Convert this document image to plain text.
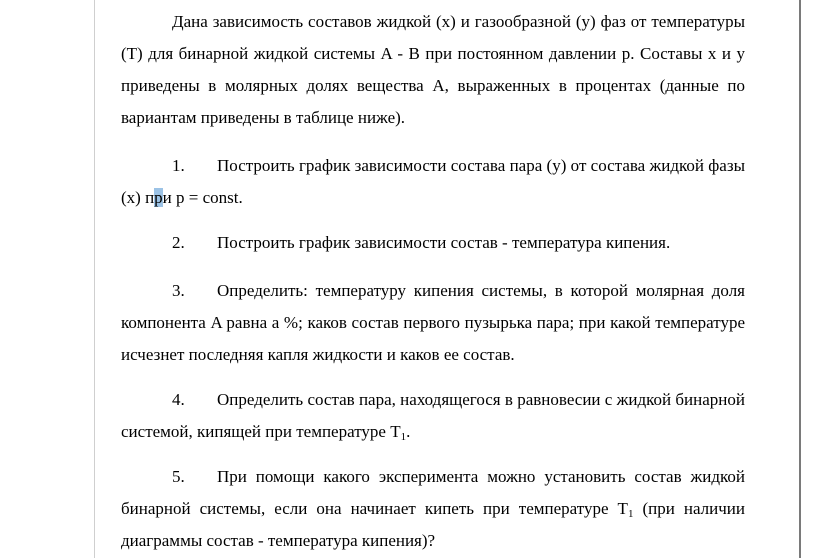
Дана зависимость составов жидкой (x) и газообразной (y) фаз от температуры (T) для бинарной жидкой системы A - B при постоянном давлении p. Составы x и y приведены в молярных долях вещества A, выраженных в процентах (данные по вариантам приведены в таблице ниже).

1. Построить график зависимости состава пара (y) от состава жидкой фазы (x) при p = const.

2. Построить график зависимости состав - температура кипения.

3. Определить: температуру кипения системы, в которой молярная доля компонента A равна a %; каков состав первого пузырька пара; при какой температуре исчезнет последняя капля жидкости и каков ее состав.

4. Определить состав пара, находящегося в равновесии с жидкой бинарной системой, кипящей при температуре $T_1$.

5. При помощи какого эксперимента можно установить состав жидкой бинарной системы, если она начинает кипеть при температуре $T_1$ (при наличии диаграммы состав - температура кипения)?
